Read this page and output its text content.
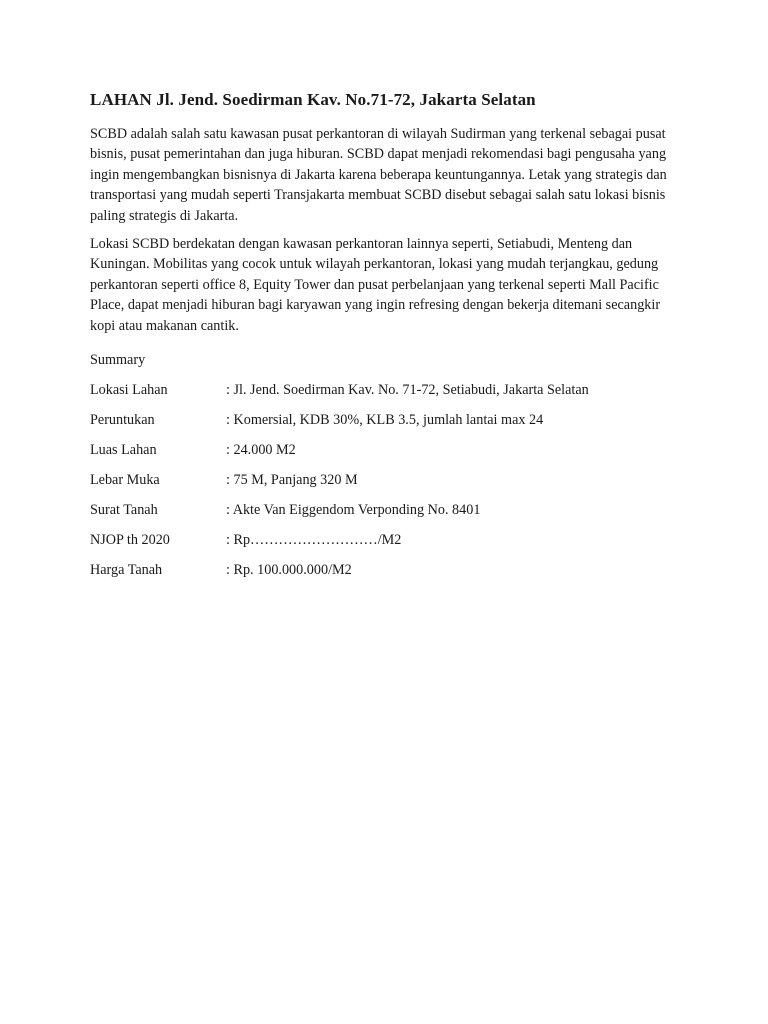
LAHAN Jl. Jend. Soedirman Kav. No.71-72, Jakarta Selatan

SCBD adalah salah satu kawasan pusat perkantoran di wilayah Sudirman yang terkenal sebagai pusat bisnis, pusat pemerintahan dan juga hiburan. SCBD dapat menjadi rekomendasi bagi pengusaha yang ingin mengembangkan bisnisnya di Jakarta karena beberapa keuntungannya. Letak yang strategis dan transportasi yang mudah seperti Transjakarta membuat SCBD disebut sebagai salah satu lokasi bisnis paling strategis di Jakarta.

Lokasi SCBD berdekatan dengan kawasan perkantoran lainnya seperti, Setiabudi, Menteng dan Kuningan. Mobilitas yang cocok untuk wilayah perkantoran, lokasi yang mudah terjangkau, gedung perkantoran seperti office 8, Equity Tower dan pusat perbelanjaan yang terkenal seperti Mall Pacific Place, dapat menjadi hiburan bagi karyawan yang ingin refresing dengan bekerja ditemani secangkir kopi atau makanan cantik.

Summary
Lokasi Lahan	: Jl. Jend. Soedirman Kav. No. 71-72, Setiabudi, Jakarta Selatan
Peruntukan	: Komersial, KDB 30%, KLB 3.5, jumlah lantai max 24
Luas Lahan	: 24.000 M2
Lebar Muka	: 75 M, Panjang 320 M
Surat Tanah	: Akte Van Eiggendom Verponding No. 8401
NJOP th 2020	: Rp………………………/M2
Harga Tanah	: Rp. 100.000.000/M2
